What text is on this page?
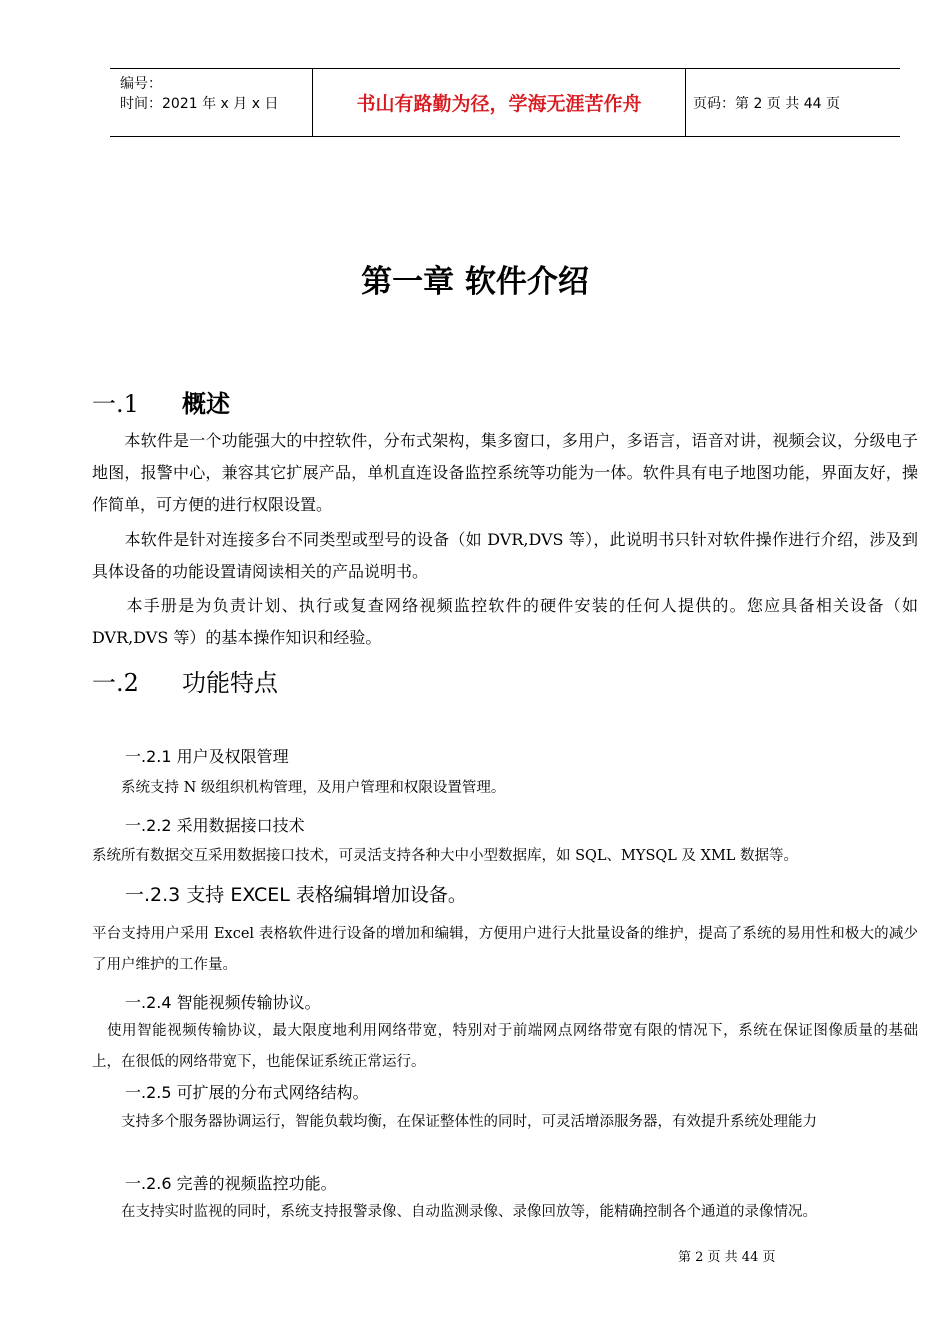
编号：
时间：2021 年 x 月 x 日	书山有路勤为径，学海无涯苦作舟	页码：第 2 页 共 44 页
第一章 软件介绍
一.1 概述
　　本软件是一个功能强大的中控软件，分布式架构，集多窗口，多用户，多语言，语音对讲，视频会议，分级电子地图，报警中心，兼容其它扩展产品，单机直连设备监控系统等功能为一体。软件具有电子地图功能，界面友好，操作简单，可方便的进行权限设置。
　　本软件是针对连接多台不同类型或型号的设备（如 DVR,DVS 等），此说明书只针对软件操作进行介绍，涉及到具体设备的功能设置请阅读相关的产品说明书。
　　本手册是为负责计划、执行或复查网络视频监控软件的硬件安装的任何人提供的。您应具备相关设备（如 DVR,DVS 等）的基本操作知识和经验。
一.2 功能特点
一.2.1 用户及权限管理
　　系统支持 N 级组织机构管理，及用户管理和权限设置管理。
一.2.2 采用数据接口技术
系统所有数据交互采用数据接口技术，可灵活支持各种大中小型数据库，如 SQL、MYSQL 及 XML 数据等。
一.2.3 支持 EXCEL 表格编辑增加设备。
平台支持用户采用 Excel 表格软件进行设备的增加和编辑，方便用户进行大批量设备的维护，提高了系统的易用性和极大的减少了用户维护的工作量。
一.2.4 智能视频传输协议。
　使用智能视频传输协议，最大限度地利用网络带宽，特别对于前端网点网络带宽有限的情况下，系统在保证图像质量的基础上，在很低的网络带宽下，也能保证系统正常运行。
一.2.5 可扩展的分布式网络结构。
　　支持多个服务器协调运行，智能负载均衡，在保证整体性的同时，可灵活增添服务器，有效提升系统处理能力
一.2.6 完善的视频监控功能。
　　在支持实时监视的同时，系统支持报警录像、自动监测录像、录像回放等，能精确控制各个通道的录像情况。
第 2 页 共 44 页
